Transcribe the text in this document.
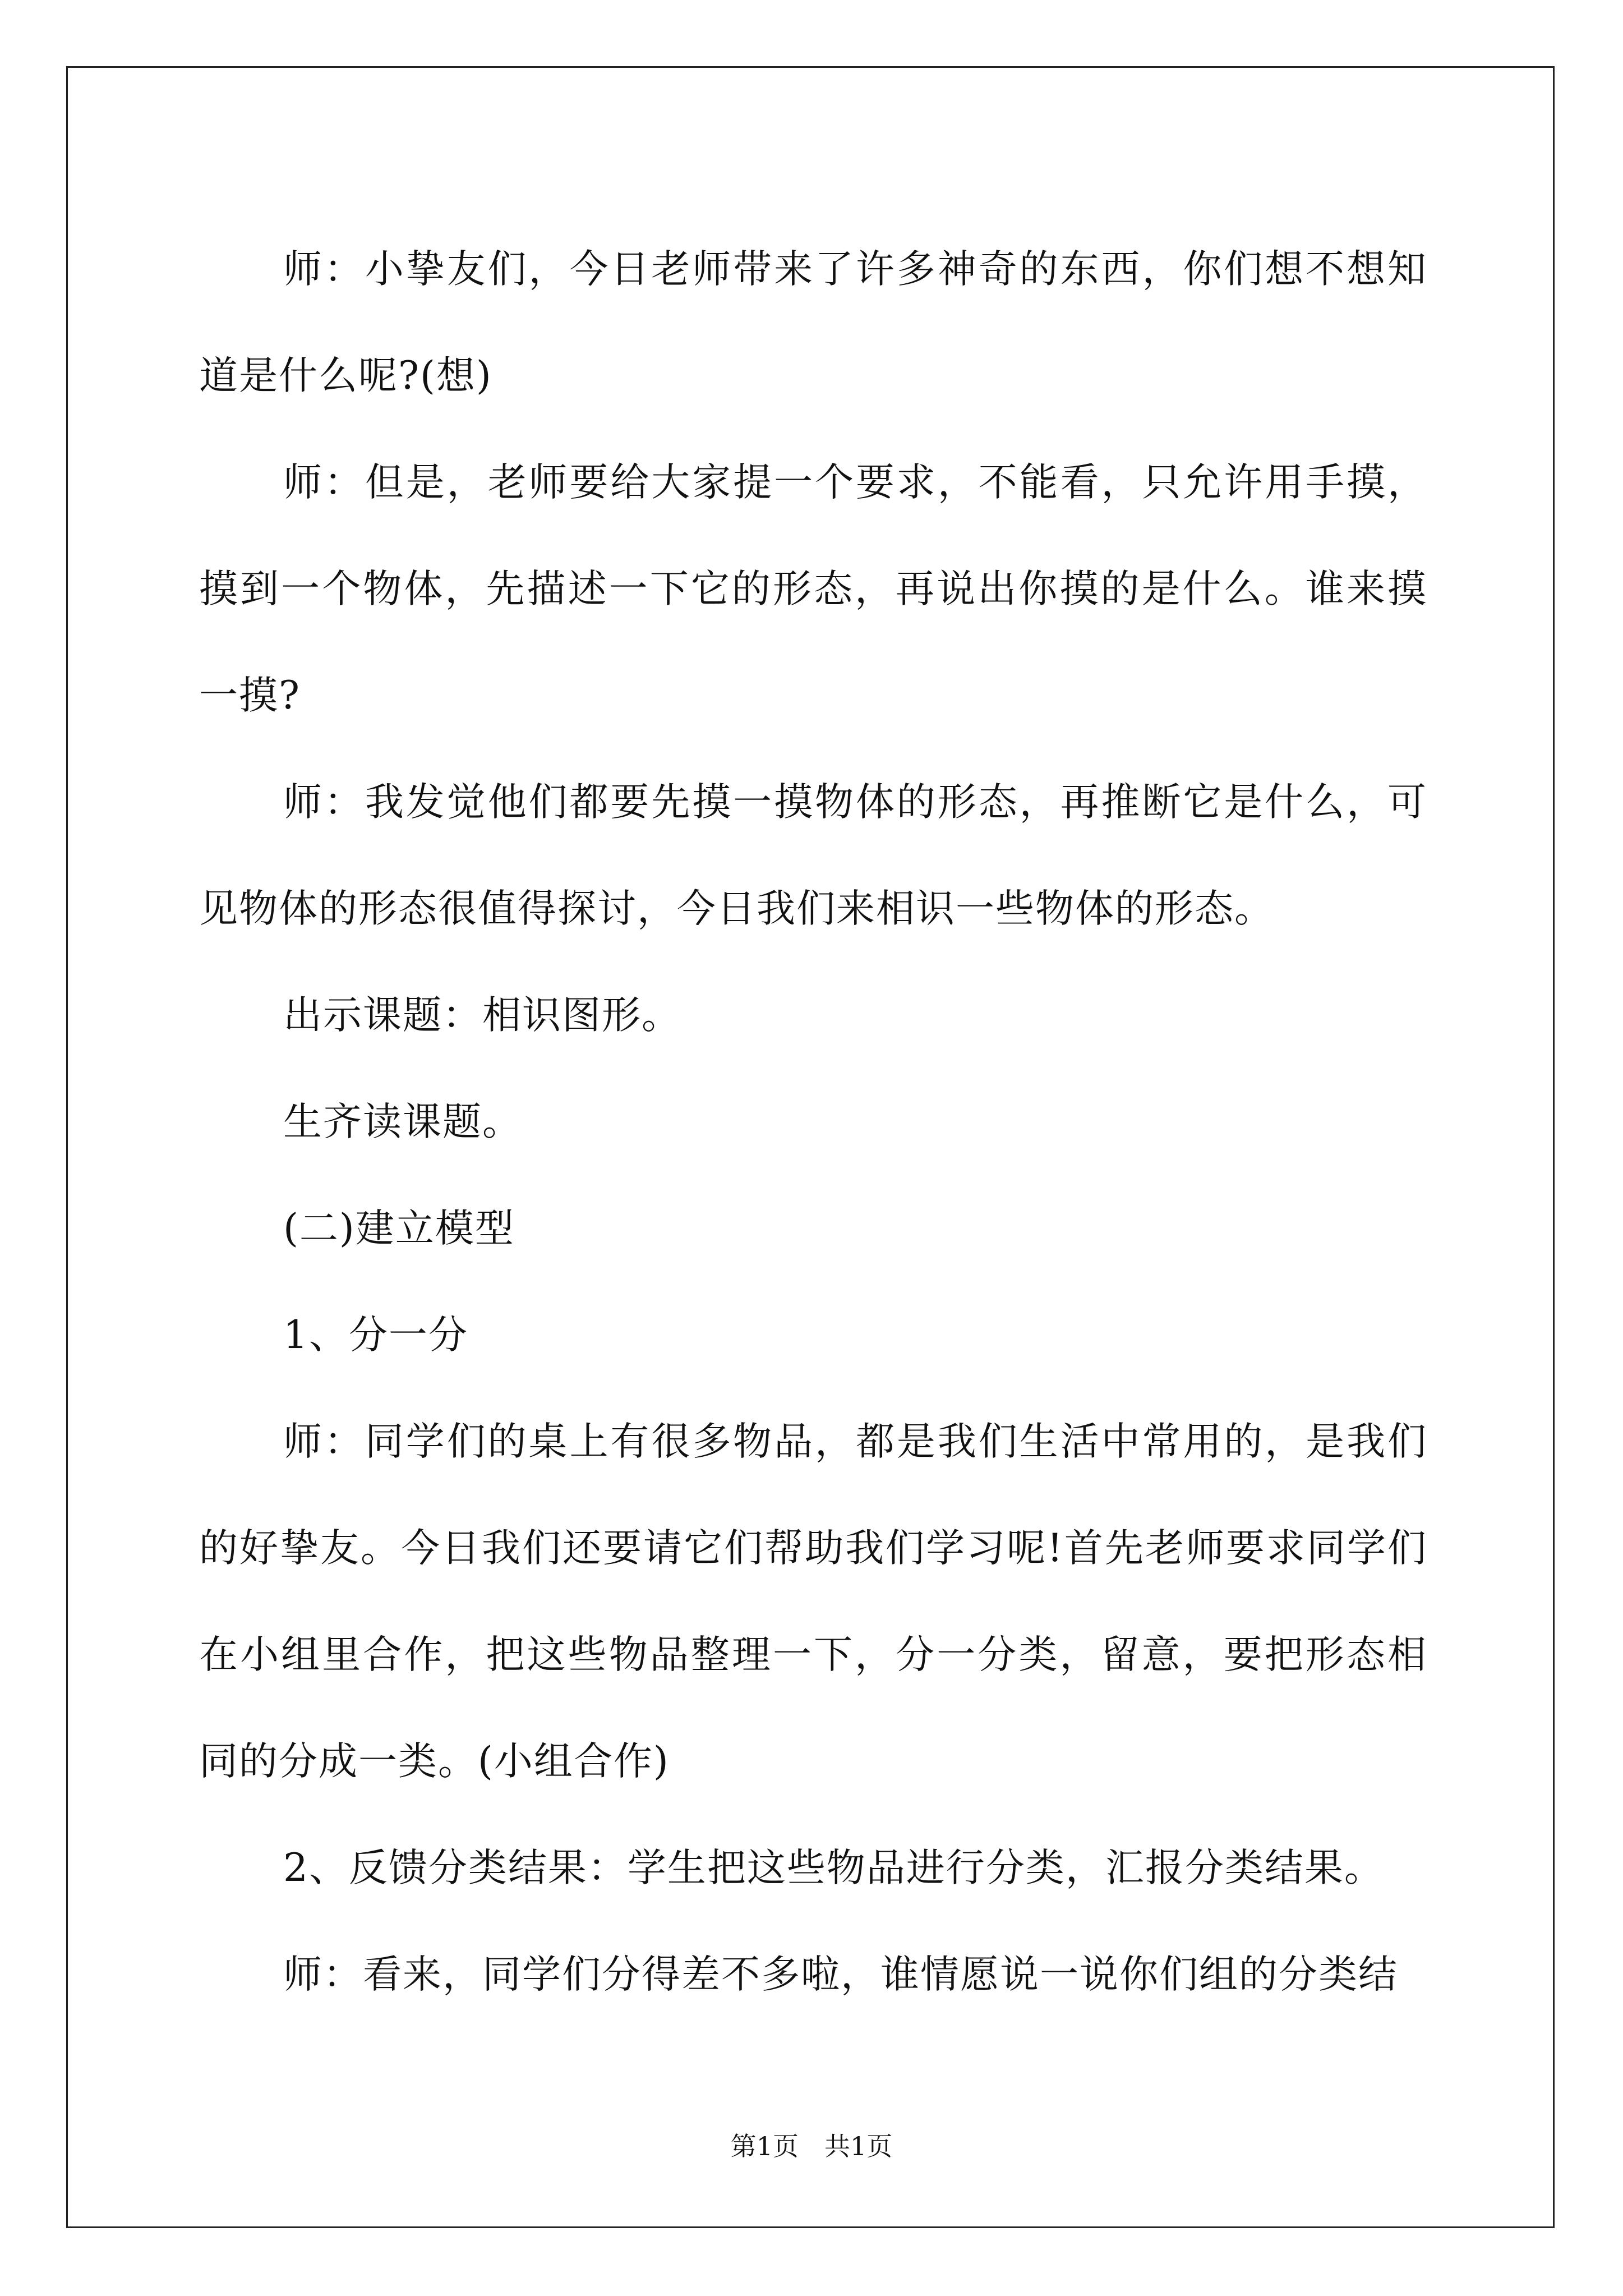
师：小挚友们，今日老师带来了许多神奇的东西，你们想不想知道是什么呢?(想)

师：但是，老师要给大家提一个要求，不能看，只允许用手摸，摸到一个物体，先描述一下它的形态，再说出你摸的是什么。谁来摸一摸?

师：我发觉他们都要先摸一摸物体的形态，再推断它是什么，可见物体的形态很值得探讨，今日我们来相识一些物体的形态。

出示课题：相识图形。

生齐读课题。

(二)建立模型

1、分一分

师：同学们的桌上有很多物品，都是我们生活中常用的，是我们的好挚友。今日我们还要请它们帮助我们学习呢!首先老师要求同学们在小组里合作，把这些物品整理一下，分一分类，留意，要把形态相同的分成一类。(小组合作)

2、反馈分类结果：学生把这些物品进行分类，汇报分类结果。

师：看来，同学们分得差不多啦，谁情愿说一说你们组的分类结

第1页　共1页
